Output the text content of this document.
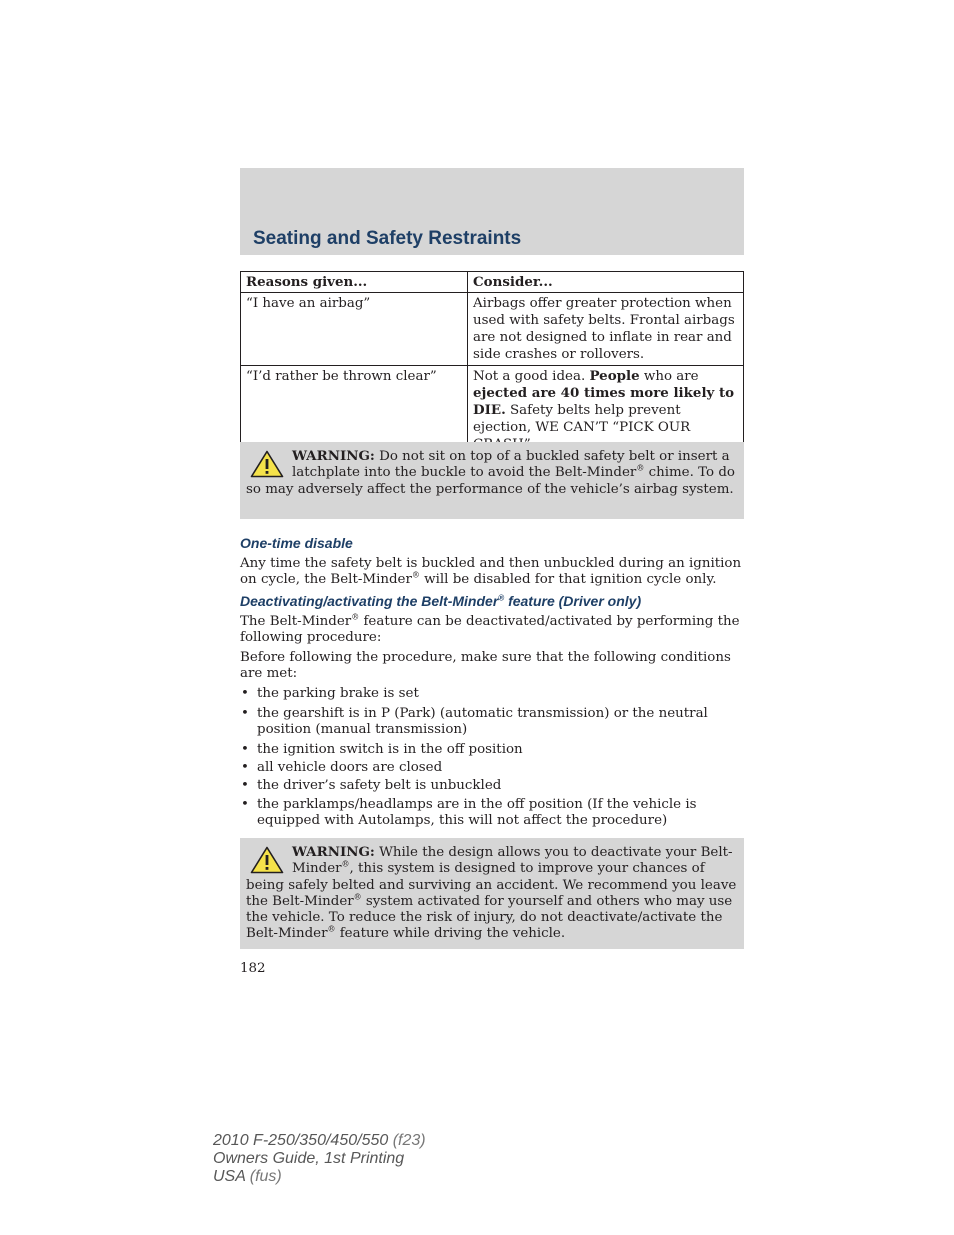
Seating and Safety Restraints
Reasons given...	Consider...
“I have an airbag”	Airbags offer greater protection when used with safety belts. Frontal airbags are not designed to inflate in rear and side crashes or rollovers.
“I’d rather be thrown clear”	Not a good idea. People who are ejected are 40 times more likely to DIE. Safety belts help prevent ejection, WE CAN’T “PICK OUR
WARNING: Do not sit on top of a buckled safety belt or insert a latchplate into the buckle to avoid the Belt-Minder® chime. To do so may adversely affect the performance of the vehicle’s airbag system.
One-time disable

Any time the safety belt is buckled and then unbuckled during an ignition on cycle, the Belt-Minder® will be disabled for that ignition cycle only.

Deactivating/activating the Belt-Minder® feature (Driver only)

The Belt-Minder® feature can be deactivated/activated by performing the following procedure:

Before following the procedure, make sure that the following conditions are met:

• the parking brake is set
• the gearshift is in P (Park) (automatic transmission) or the neutral position (manual transmission)
• the ignition switch is in the off position
• all vehicle doors are closed
• the driver’s safety belt is unbuckled
• the parklamps/headlamps are in the off position (If the vehicle is equipped with Autolamps, this will not affect the procedure)
WARNING: While the design allows you to deactivate your Belt-Minder®, this system is designed to improve your chances of being safely belted and surviving an accident. We recommend you leave the Belt-Minder® system activated for yourself and others who may use the vehicle. To reduce the risk of injury, do not deactivate/activate the Belt-Minder® feature while driving the vehicle.
182
2010 F-250/350/450/550 (f23)
Owners Guide, 1st Printing
USA (fus)
